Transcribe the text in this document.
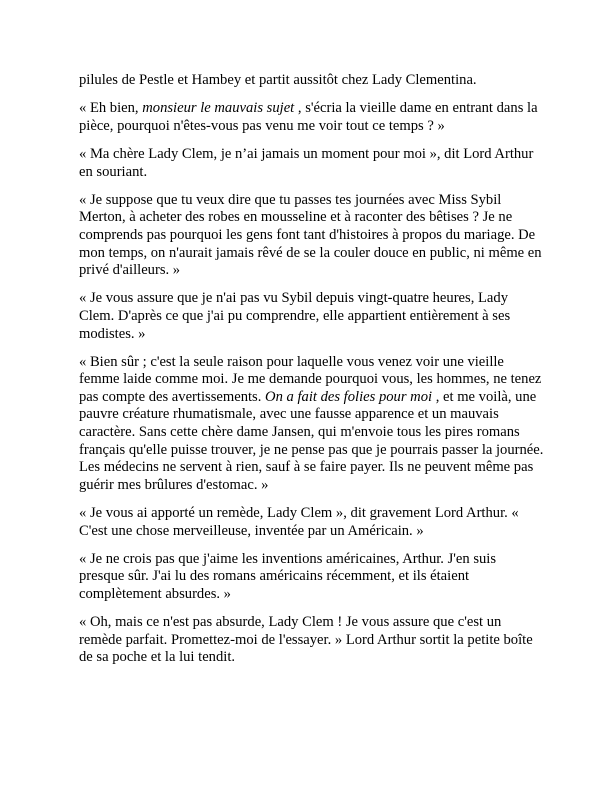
pilules de Pestle et Hambey et partit aussitôt chez Lady Clementina.

« Eh bien, monsieur le mauvais sujet , s'écria la vieille dame en entrant dans la pièce, pourquoi n'êtes-vous pas venu me voir tout ce temps ? »

« Ma chère Lady Clem, je n’ai jamais un moment pour moi », dit Lord Arthur en souriant.

« Je suppose que tu veux dire que tu passes tes journées avec Miss Sybil Merton, à acheter des robes en mousseline et à raconter des bêtises ? Je ne comprends pas pourquoi les gens font tant d'histoires à propos du mariage. De mon temps, on n'aurait jamais rêvé de se la couler douce en public, ni même en privé d'ailleurs. »

« Je vous assure que je n'ai pas vu Sybil depuis vingt-quatre heures, Lady Clem. D'après ce que j'ai pu comprendre, elle appartient entièrement à ses modistes. »

« Bien sûr ; c'est la seule raison pour laquelle vous venez voir une vieille femme laide comme moi. Je me demande pourquoi vous, les hommes, ne tenez pas compte des avertissements. On a fait des folies pour moi , et me voilà, une pauvre créature rhumatismale, avec une fausse apparence et un mauvais caractère. Sans cette chère dame Jansen, qui m'envoie tous les pires romans français qu'elle puisse trouver, je ne pense pas que je pourrais passer la journée. Les médecins ne servent à rien, sauf à se faire payer. Ils ne peuvent même pas guérir mes brûlures d'estomac. »

« Je vous ai apporté un remède, Lady Clem », dit gravement Lord Arthur. « C'est une chose merveilleuse, inventée par un Américain. »

« Je ne crois pas que j'aime les inventions américaines, Arthur. J'en suis presque sûr. J'ai lu des romans américains récemment, et ils étaient complètement absurdes. »

« Oh, mais ce n'est pas absurde, Lady Clem ! Je vous assure que c'est un remède parfait. Promettez-moi de l'essayer. » Lord Arthur sortit la petite boîte de sa poche et la lui tendit.
